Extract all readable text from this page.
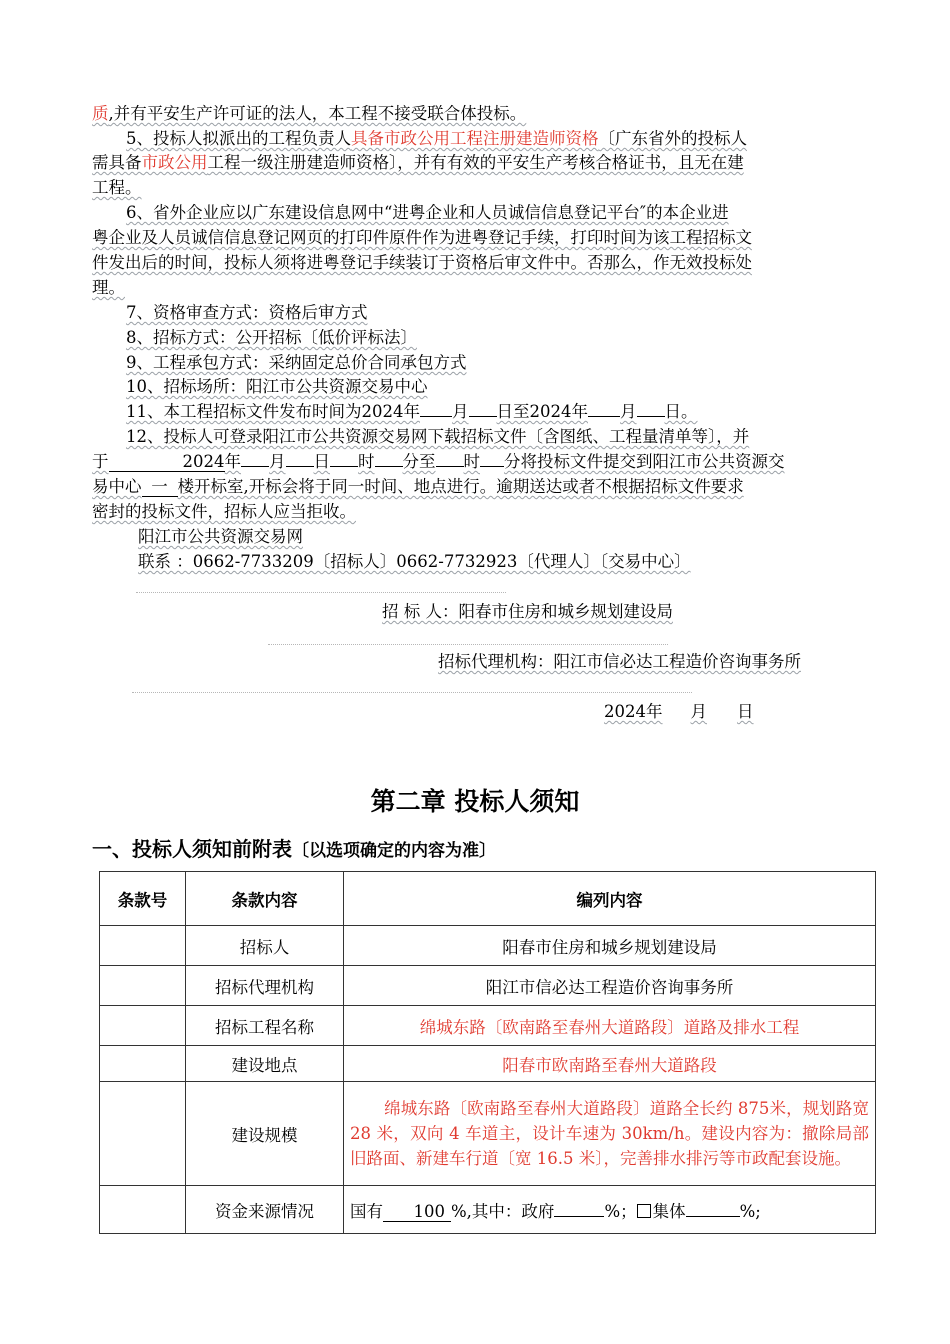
质,并有平安生产许可证的法人，本工程不接受联合体投标。
5、投标人拟派出的工程负责人具备市政公用工程注册建造师资格〔广东省外的投标人
需具备市政公用工程一级注册建造师资格〕，并有有效的平安生产考核合格证书，且无在建
工程。
6、省外企业应以广东建设信息网中“进粤企业和人员诚信信息登记平台″的本企业进
粤企业及人员诚信信息登记网页的打印件原件作为进粤登记手续，打印时间为该工程招标文
件发出后的时间，投标人须将进粤登记手续装订于资格后审文件中。否那么，作无效投标处
理。
7、资格审查方式：资格后审方式
8、招标方式：公开招标〔低价评标法〕
9、工程承包方式：采纳固定总价合同承包方式
10、招标场所：阳江市公共资源交易中心
11、本工程招标文件发布时间为2024年 月 日至2024年 月 日。
12、投标人可登录阳江市公共资源交易网下载招标文件〔含图纸、工程量清单等〕，并
于	2024年 月 日 时 分至 时 分将投标文件提交到阳江市公共资源交
易中心 一 楼开标室,开标会将于同一时间、地点进行。逾期送达或者不根据招标文件要求
密封的投标文件，招标人应当拒收。
阳江市公共资源交易网
联系 ：0662-7733209〔招标人〕0662-7732923〔代理人〕〔交易中心〕
招 标 人：阳春市住房和城乡规划建设局
招标代理机构：阳江市信必达工程造价咨询事务所
2024年 月 日
第二章 投标人须知
一、投标人须知前附表〔以选项确定的内容为准〕
条款号	条款内容	编列内容
	招标人	阳春市住房和城乡规划建设局
	招标代理机构	阳江市信必达工程造价咨询事务所
	招标工程名称	绵城东路〔欧南路至春州大道路段〕道路及排水工程
	建设地点	阳春市欧南路至春州大道路段
	建设规模	绵城东路〔欧南路至春州大道路段〕道路全长约 875米，规划路宽 28 米，双向 4 车道主，设计车速为 30km/h。建设内容为：撤除局部旧路面、新建车行道〔宽 16.5 米〕，完善排水排污等市政配套设施。
	资金来源情况	国有 100 %,其中：政府 %； 集体 %;
